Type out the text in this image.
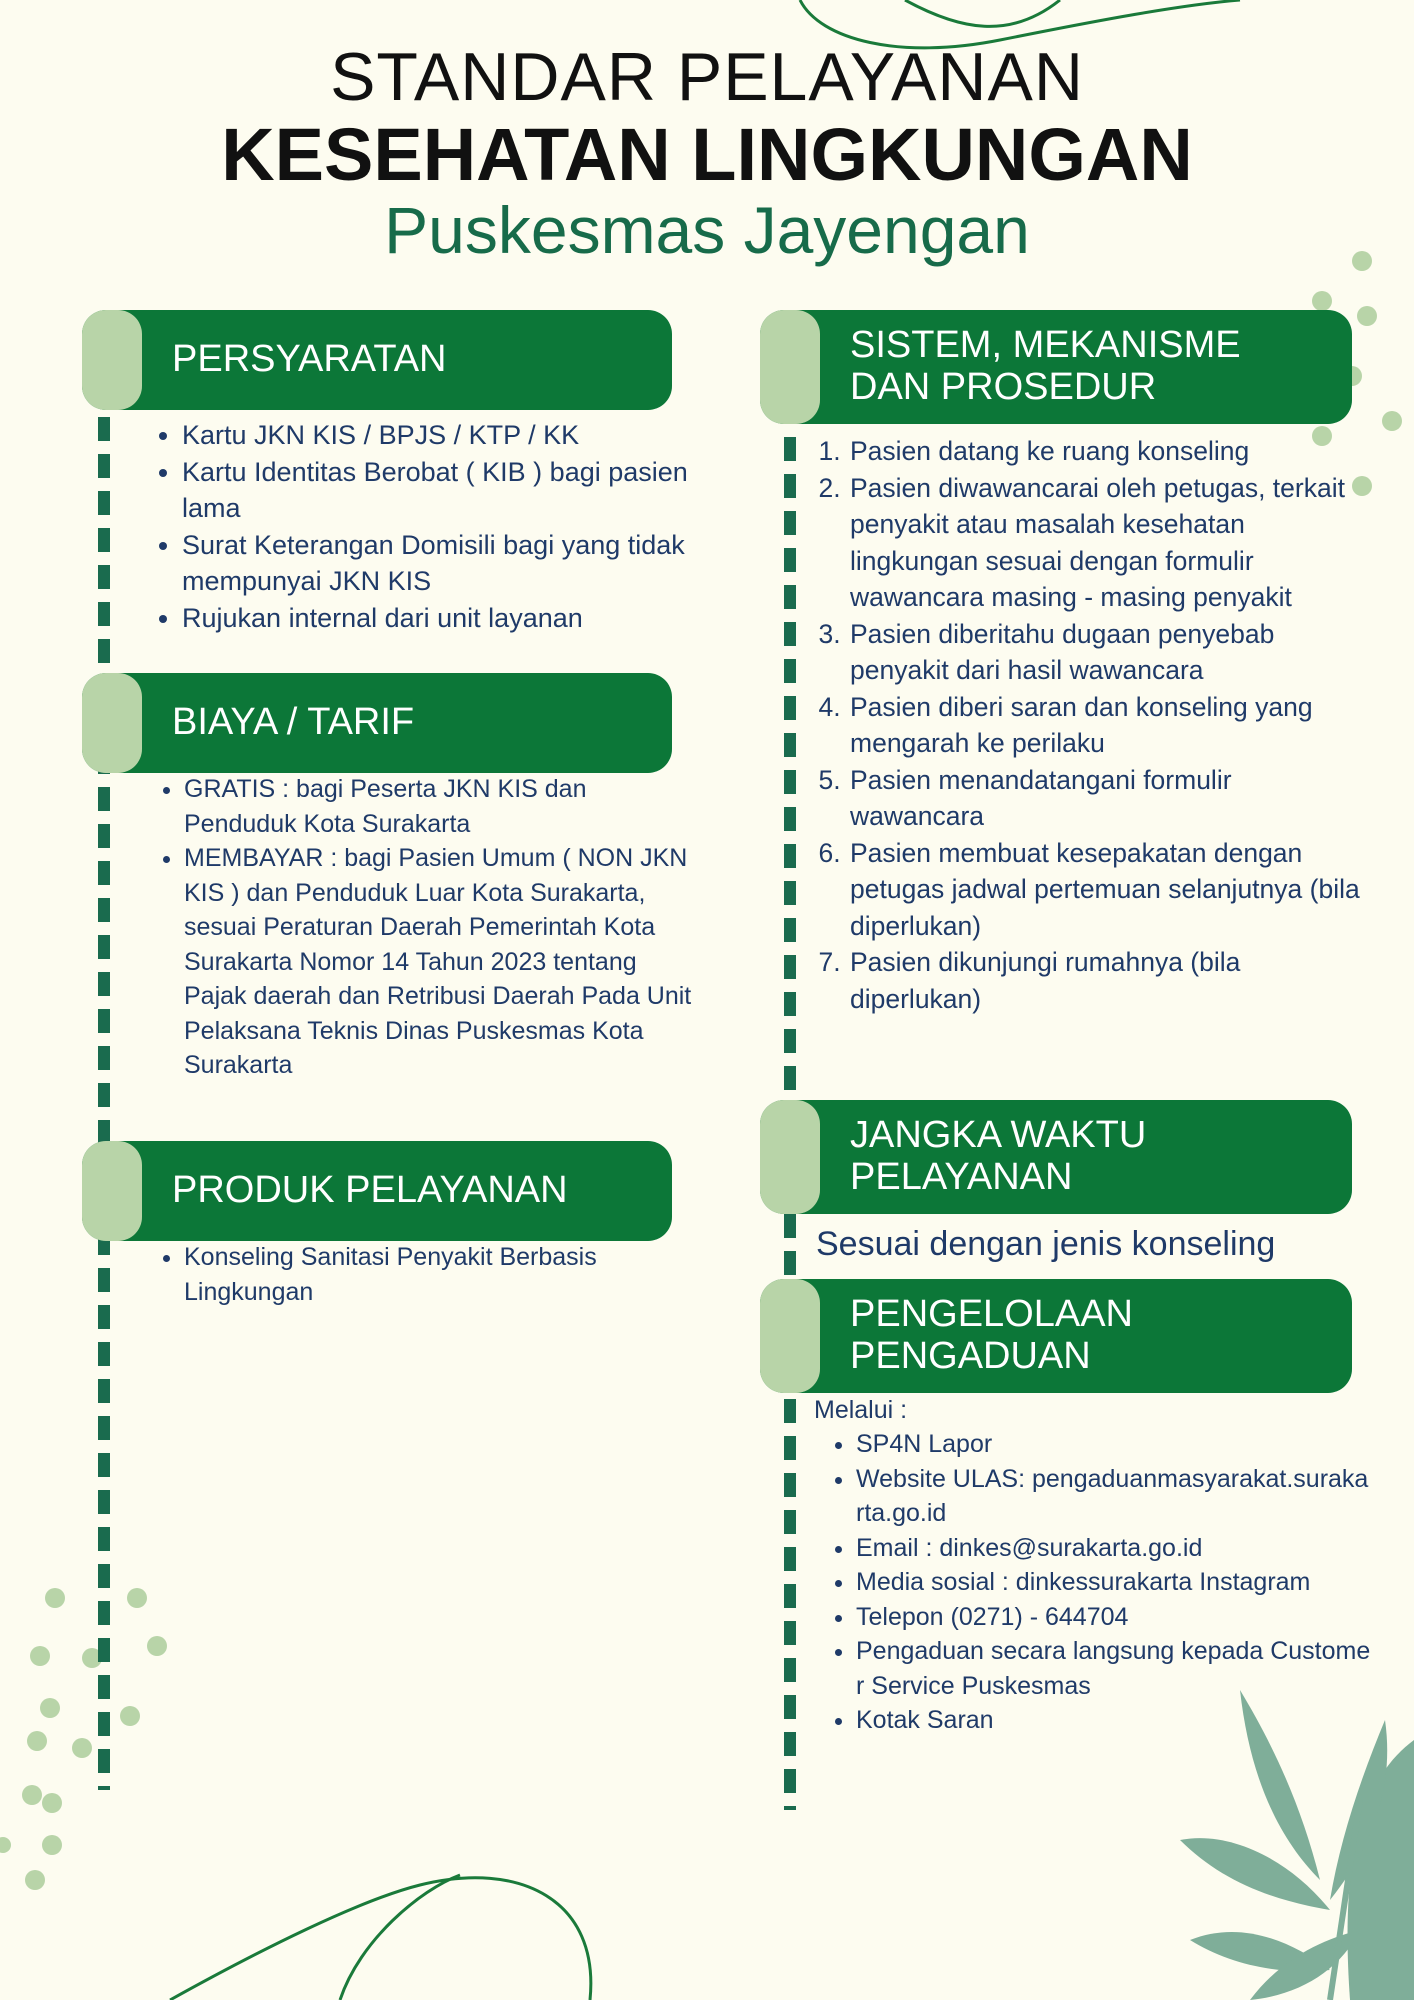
STANDAR PELAYANAN
KESEHATAN LINGKUNGAN
Puskesmas Jayengan
PERSYARATAN
• Kartu JKN KIS / BPJS / KTP / KK
• Kartu Identitas Berobat ( KIB ) bagi pasien lama
• Surat Keterangan Domisili bagi yang tidak mempunyai JKN KIS
• Rujukan internal dari unit layanan
BIAYA / TARIF
• GRATIS : bagi Peserta JKN KIS dan Penduduk Kota Surakarta
• MEMBAYAR : bagi Pasien Umum ( NON JKN KIS ) dan Penduduk Luar Kota Surakarta, sesuai Peraturan Daerah Pemerintah Kota Surakarta Nomor 14 Tahun 2023 tentang Pajak daerah dan Retribusi Daerah Pada Unit Pelaksana Teknis Dinas Puskesmas Kota Surakarta
PRODUK PELAYANAN
• Konseling Sanitasi Penyakit Berbasis Lingkungan
SISTEM, MEKANISME
DAN PROSEDUR
1. Pasien datang ke ruang konseling
2. Pasien diwawancarai oleh petugas, terkait penyakit atau masalah kesehatan lingkungan sesuai dengan formulir wawancara masing - masing penyakit
3. Pasien diberitahu dugaan penyebab penyakit dari hasil wawancara
4. Pasien diberi saran dan konseling yang mengarah ke perilaku
5. Pasien menandatangani formulir wawancara
6. Pasien membuat kesepakatan dengan petugas jadwal pertemuan selanjutnya (bila diperlukan)
7. Pasien dikunjungi rumahnya (bila diperlukan)
JANGKA WAKTU
PELAYANAN
Sesuai dengan jenis konseling
PENGELOLAAN
PENGADUAN
Melalui :
• SP4N Lapor
• Website ULAS: pengaduanmasyarakat.surakarta.go.id
• Email : dinkes@surakarta.go.id
• Media sosial : dinkessurakarta Instagram
• Telepon (0271) - 644704
• Pengaduan secara langsung kepada Customer Service Puskesmas
• Kotak Saran
